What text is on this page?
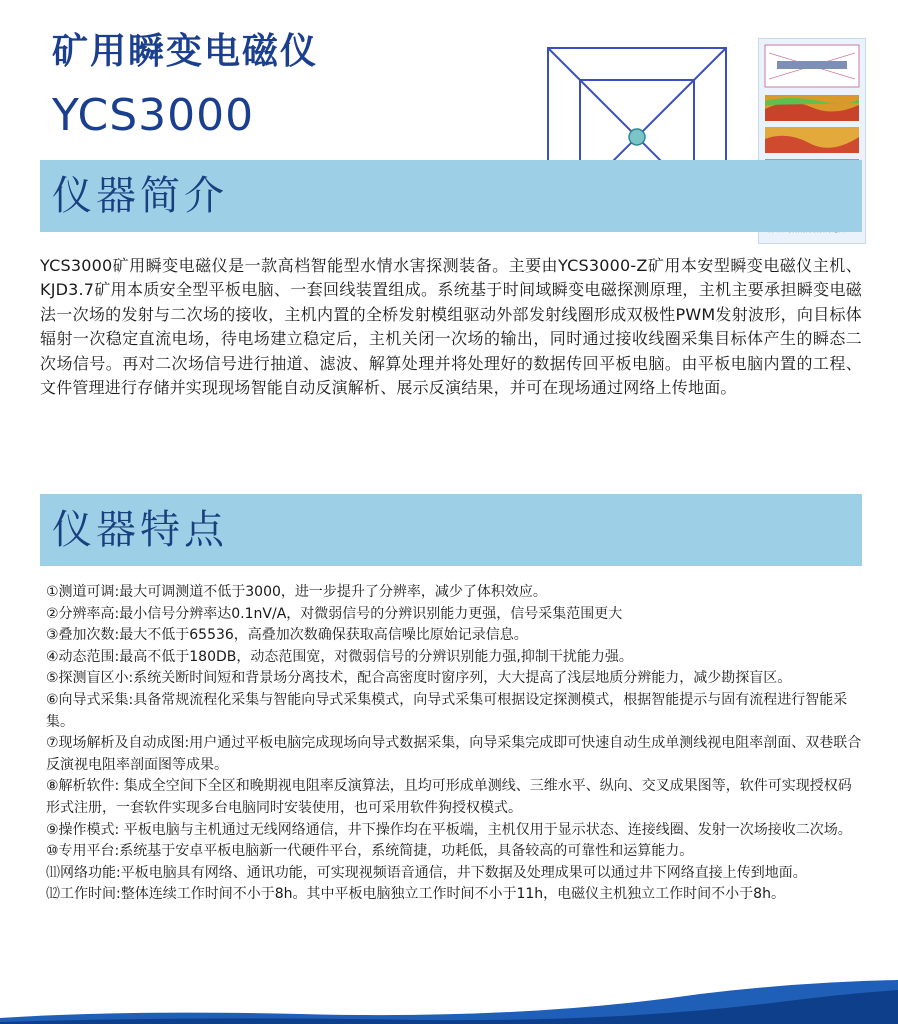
矿用瞬变电磁仪
YCS3000
仪器简介
YCS3000矿用瞬变电磁仪是一款高档智能型水情水害探测装备。主要由YCS3000-Z矿用本安型瞬变电磁仪主机、KJD3.7矿用本质安全型平板电脑、一套回线装置组成。系统基于时间域瞬变电磁探测原理，主机主要承担瞬变电磁法一次场的发射与二次场的接收，主机内置的全桥发射模组驱动外部发射线圈形成双极性PWM发射波形，向目标体辐射一次稳定直流电场，待电场建立稳定后，主机关闭一次场的输出，同时通过接收线圈采集目标体产生的瞬态二次场信号。再对二次场信号进行抽道、滤波、解算处理并将处理好的数据传回平板电脑。由平板电脑内置的工程、文件管理进行存储并实现现场智能自动反演解析、展示反演结果，并可在现场通过网络上传地面。
仪器特点

①测道可调:最大可调测道不低于3000，进一步提升了分辨率，减少了体积效应。

②分辨率高:最小信号分辨率达0.1nV/A，对微弱信号的分辨识别能力更强，信号采集范围更大

③叠加次数:最大不低于65536，高叠加次数确保获取高信噪比原始记录信息。

④动态范围:最高不低于180DB，动态范围宽，对微弱信号的分辨识别能力强,抑制干扰能力强。

⑤探测盲区小:系统关断时间短和背景场分离技术，配合高密度时窗序列，大大提高了浅层地质分辨能力，减少勘探盲区。

⑥向导式采集:具备常规流程化采集与智能向导式采集模式，向导式采集可根据设定探测模式，根据智能提示与固有流程进行智能采集。

⑦现场解析及自动成图:用户通过平板电脑完成现场向导式数据采集，向导采集完成即可快速自动生成单测线视电阻率剖面、双巷联合反演视电阻率剖面图等成果。

⑧解析软件: 集成全空间下全区和晚期视电阻率反演算法，且均可形成单测线、三维水平、纵向、交叉成果图等，软件可实现授权码形式注册，一套软件实现多台电脑同时安装使用，也可采用软件狗授权模式。

⑨操作模式: 平板电脑与主机通过无线网络通信，井下操作均在平板端，主机仅用于显示状态、连接线圈、发射一次场接收二次场。

⑩专用平台:系统基于安卓平板电脑新一代硬件平台，系统简捷，功耗低，具备较高的可靠性和运算能力。

⑾网络功能:平板电脑具有网络、通讯功能，可实现视频语音通信，井下数据及处理成果可以通过井下网络直接上传到地面。

⑿工作时间:整体连续工作时间不小于8h。其中平板电脑独立工作时间不小于11h，电磁仪主机独立工作时间不小于8h。
